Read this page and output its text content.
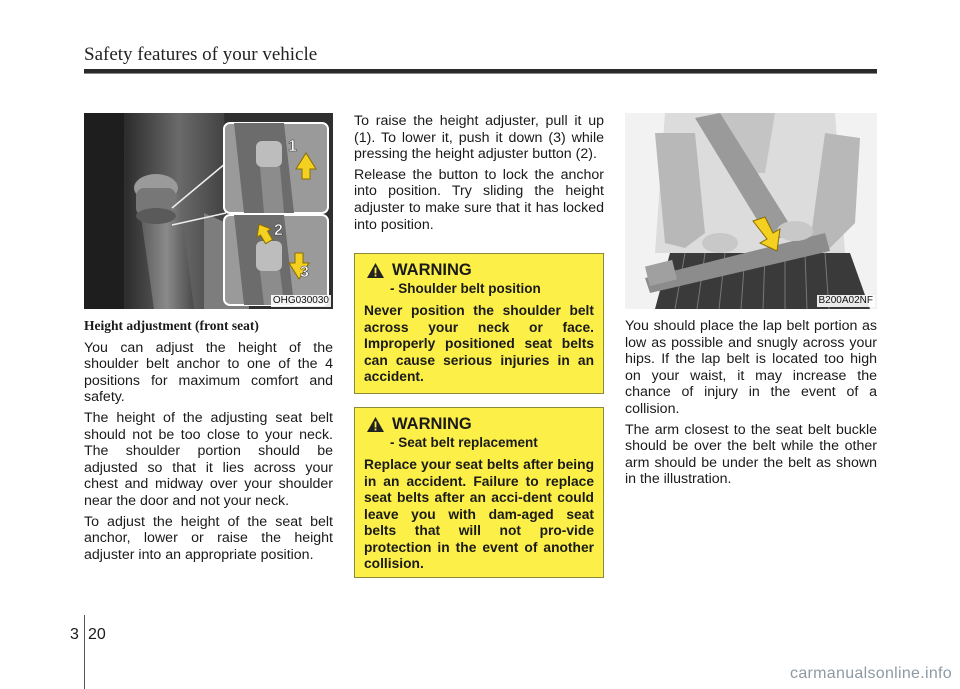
Safety features of your vehicle
1
2
3
OHG030030
Height adjustment (front seat)

You can adjust the height of the shoulder belt anchor to one of the 4 positions for maximum comfort and safety.

The height of the adjusting seat belt should not be too close to your neck. The shoulder portion should be adjusted so that it lies across your chest and midway over your shoulder near the door and not your neck.

To adjust the height of the seat belt anchor, lower or raise the height adjuster into an appropriate position.

To raise the height adjuster, pull it up (1). To lower it, push it down (3) while pressing the height adjuster button (2).

Release the button to lock the anchor into position. Try sliding the height adjuster to make sure that it has locked into position.

WARNING
- Shoulder belt position
Never position the shoulder belt across your neck or face. Improperly positioned seat belts can cause serious injuries in an accident.
WARNING
- Seat belt replacement
Replace your seat belts after being in an accident. Failure to replace seat belts after an acci-dent could leave you with dam-aged seat belts that will not pro-vide protection in the event of another collision.
B200A02NF

You should place the lap belt portion as low as possible and snugly across your hips. If the lap belt is located too high on your waist, it may increase the chance of injury in the event of a collision.

The arm closest to the seat belt buckle should be over the belt while the other arm should be under the belt as shown in the illustration.

3 20
carmanualsonline.info
